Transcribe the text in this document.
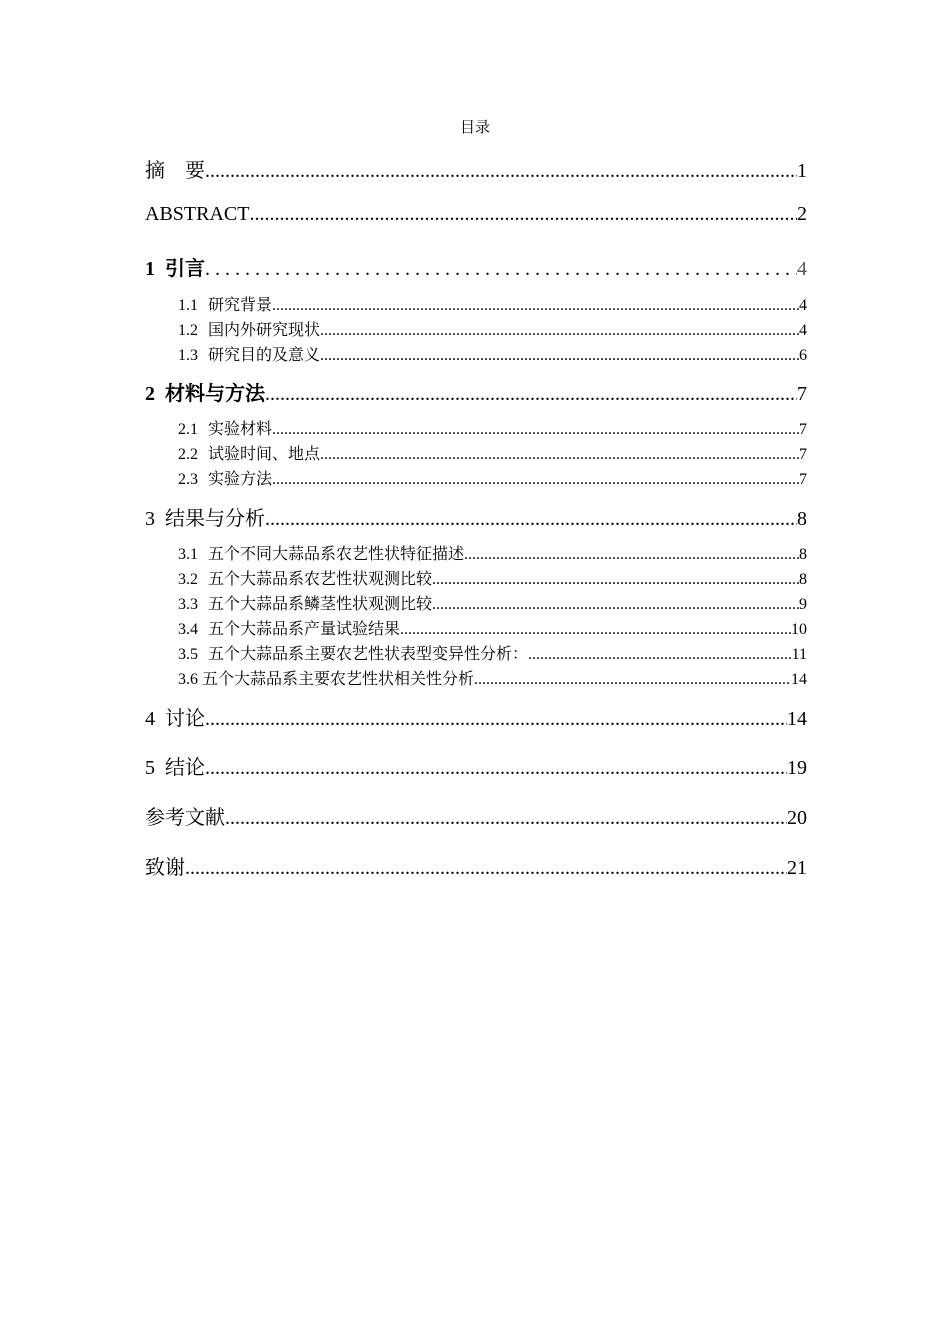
目录
摘　要 .....	1
ABSTRACT .....	2
1 引言 . . .	4
1.1 研究背景 .....	4
1.2 国内外研究现状 .....	4
1.3 研究目的及意义 .....	6
2 材料与方法 .....	7
2.1 实验材料 .....	7
2.2 试验时间、地点 .....	7
2.3 实验方法 .....	7
3 结果与分析 .....	8
3.1 五个不同大蒜品系农艺性状特征描述 .....	8
3.2 五个大蒜品系农艺性状观测比较 .....	8
3.3 五个大蒜品系鳞茎性状观测比较 .....	9
3.4 五个大蒜品系产量试验结果 .....	10
3.5 五个大蒜品系主要农艺性状表型变异性分析： .....	11
3.6 五个大蒜品系主要农艺性状相关性分析 .....	14
4 讨论 .....	14
5 结论 .....	19
参考文献 .....	20
致谢 .....	21
